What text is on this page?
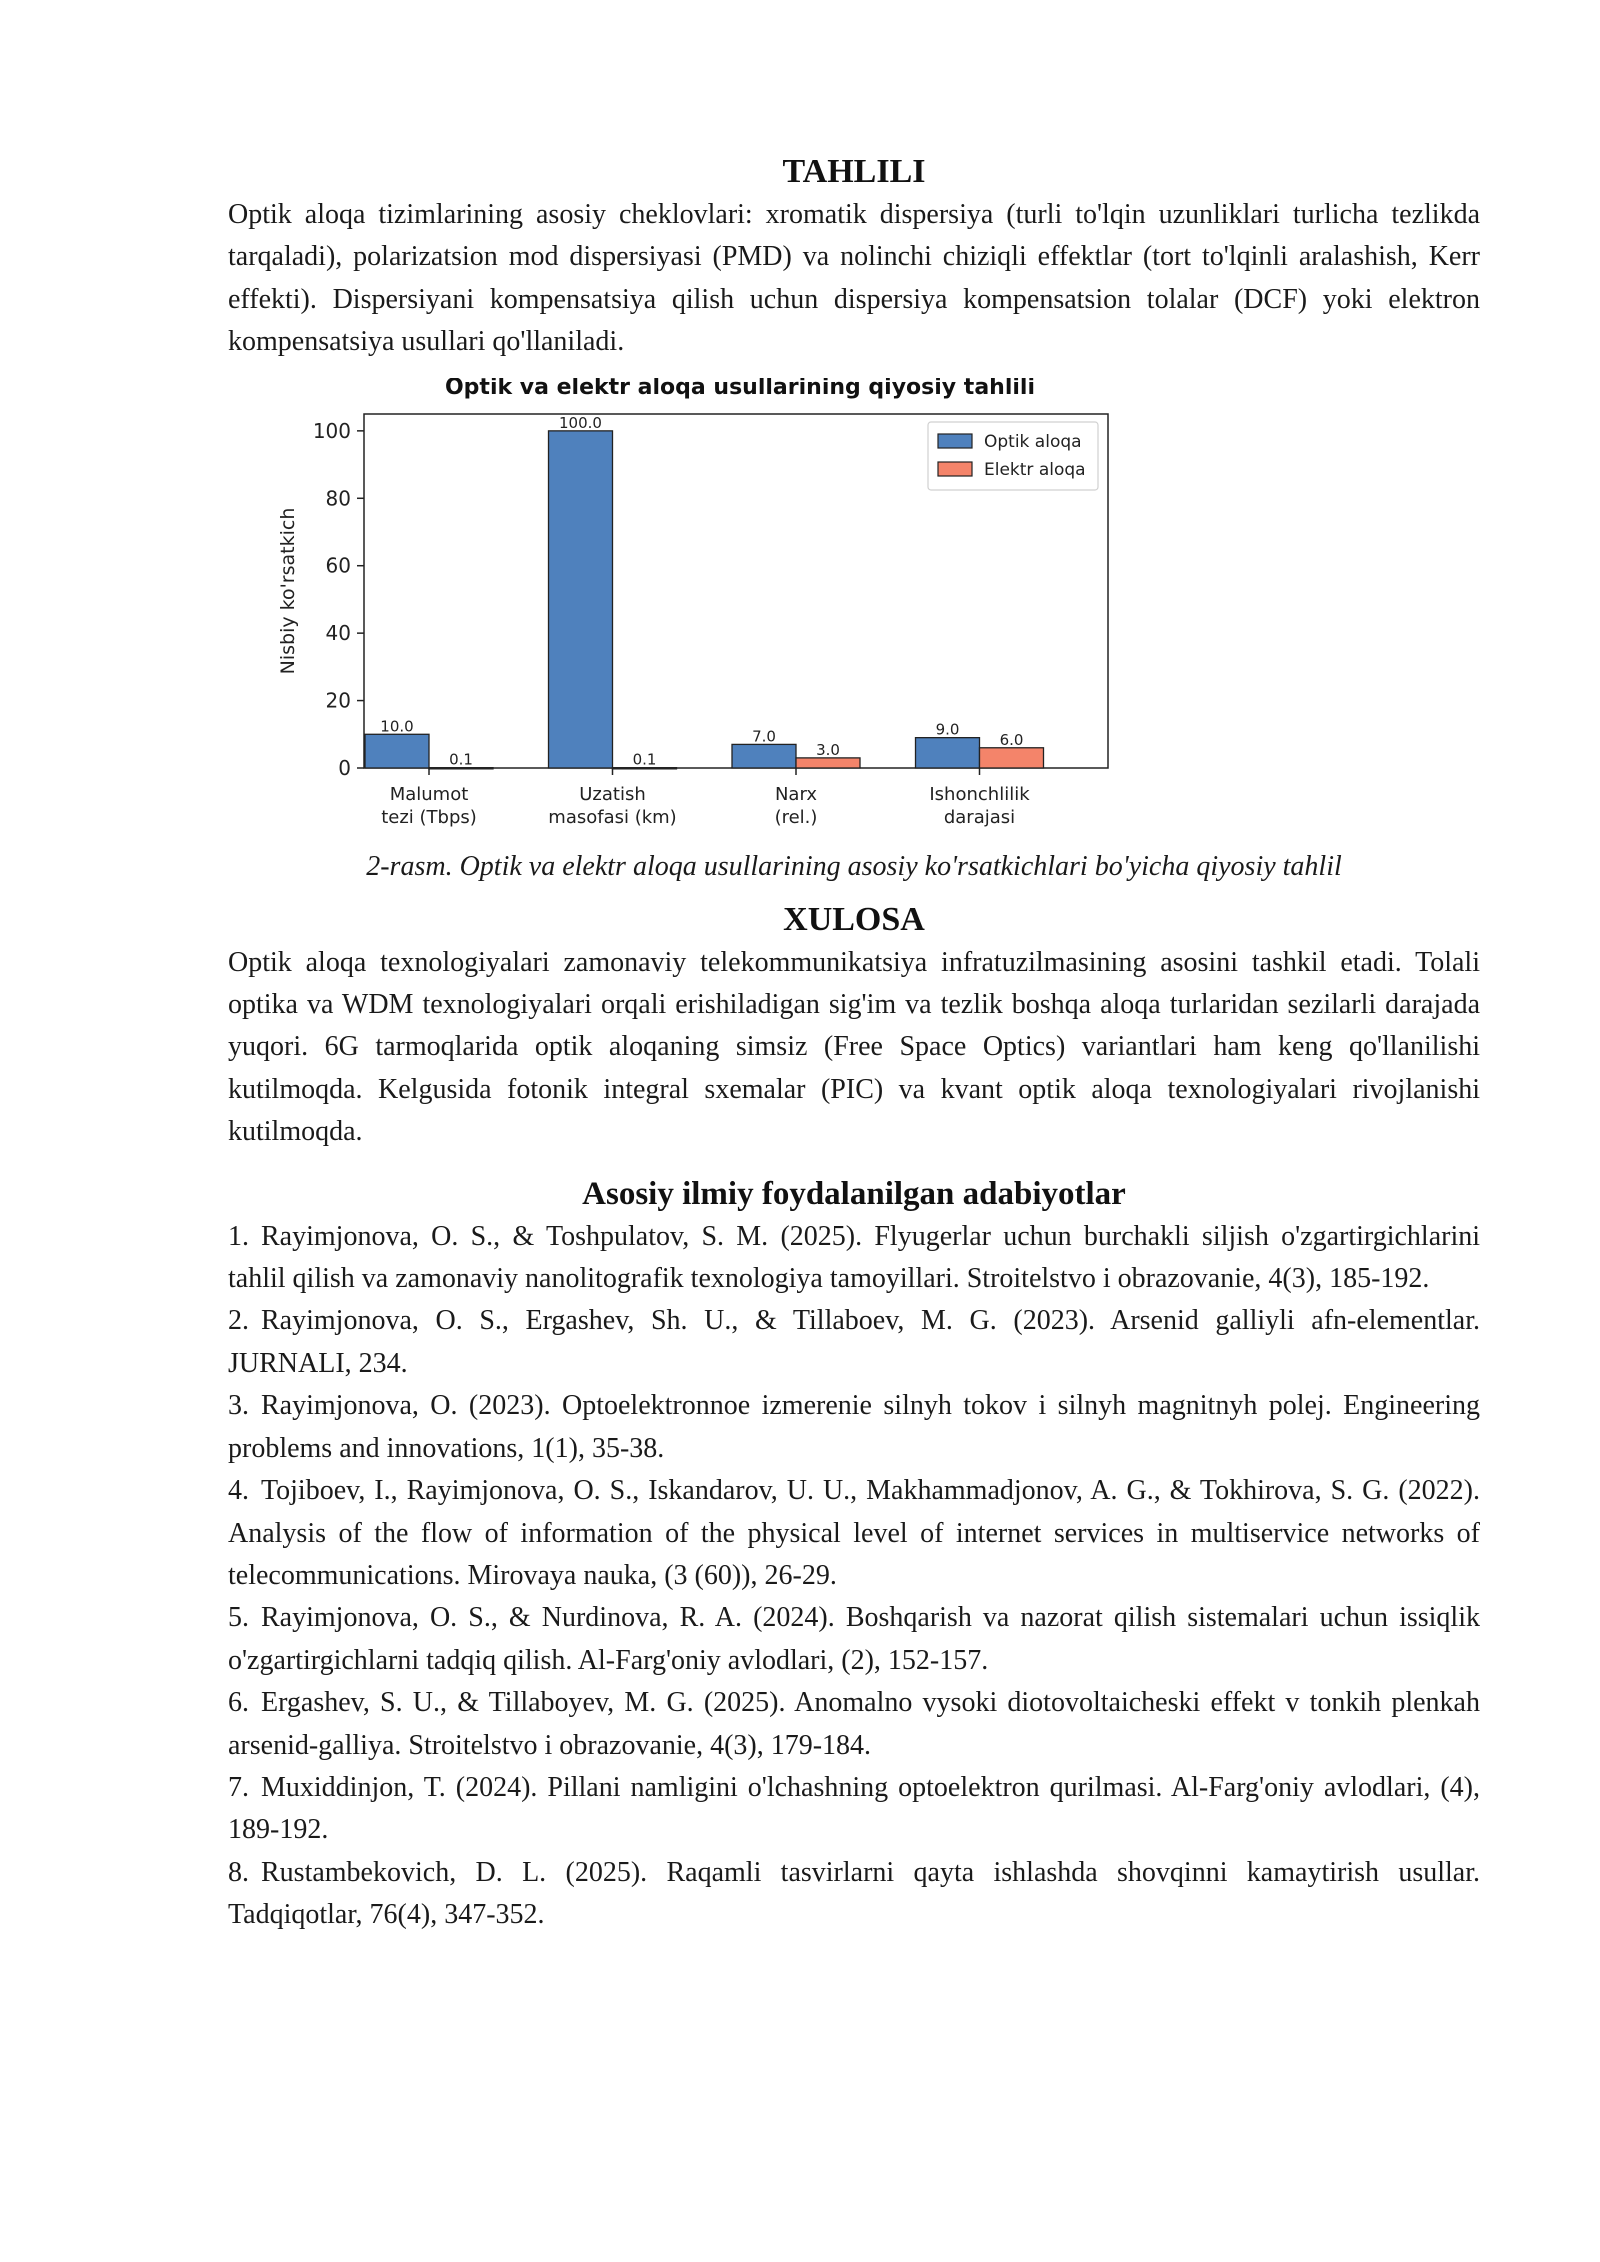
TAHLILI

Optik aloqa tizimlarining asosiy cheklovlari: xromatik dispersiya (turli to'lqin uzunliklari turlicha tezlikda tarqaladi), polarizatsion mod dispersiyasi (PMD) va nolinchi chiziqli effektlar (tort to'lqinli aralashish, Kerr effekti). Dispersiyani kompensatsiya qilish uchun dispersiya kompensatsion tolalar (DCF) yoki elektron kompensatsiya usullari qo'llaniladi.

Optik va elektr aloqa usullarining qiyosiy tahlili
0
20
40
60
80
100
Nisbiy ko'rsatkich
10.0
0.1
Malumot
tezi (Tbps)
100.0
0.1
Uzatish
masofasi (km)
7.0
3.0
Narx
(rel.)
9.0
6.0
Ishonchlilik
darajasi
Optik aloqa
Elektr aloqa
2-rasm. Optik va elektr aloqa usullarining asosiy ko'rsatkichlari bo'yicha qiyosiy tahlil
XULOSA

Optik aloqa texnologiyalari zamonaviy telekommunikatsiya infratuzilmasining asosini tashkil etadi. Tolali optika va WDM texnologiyalari orqali erishiladigan sig'im va tezlik boshqa aloqa turlaridan sezilarli darajada yuqori. 6G tarmoqlarida optik aloqaning simsiz (Free Space Optics) variantlari ham keng qo'llanilishi kutilmoqda. Kelgusida fotonik integral sxemalar (PIC) va kvant optik aloqa texnologiyalari rivojlanishi kutilmoqda.

Asosiy ilmiy foydalanilgan adabiyotlar
1. Rayimjonova, O. S., & Toshpulatov, S. M. (2025). Flyugerlar uchun burchakli siljish o'zgartirgichlarini tahlil qilish va zamonaviy nanolitografik texnologiya tamoyillari. Stroitelstvo i obrazovanie, 4(3), 185-192.
2. Rayimjonova, O. S., Ergashev, Sh. U., & Tillaboev, M. G. (2023). Arsenid galliyli afn-elementlar. JURNALI, 234.
3. Rayimjonova, O. (2023). Optoelektronnoe izmerenie silnyh tokov i silnyh magnitnyh polej. Engineering problems and innovations, 1(1), 35-38.
4. Tojiboev, I., Rayimjonova, O. S., Iskandarov, U. U., Makhammadjonov, A. G., & Tokhirova, S. G. (2022). Analysis of the flow of information of the physical level of internet services in multiservice networks of telecommunications. Mirovaya nauka, (3 (60)), 26-29.
5. Rayimjonova, O. S., & Nurdinova, R. A. (2024). Boshqarish va nazorat qilish sistemalari uchun issiqlik o'zgartirgichlarni tadqiq qilish. Al-Farg'oniy avlodlari, (2), 152-157.
6. Ergashev, S. U., & Tillaboyev, M. G. (2025). Anomalno vysoki diotovoltaicheski effekt v tonkih plenkah arsenid-galliya. Stroitelstvo i obrazovanie, 4(3), 179-184.
7. Muxiddinjon, T. (2024). Pillani namligini o'lchashning optoelektron qurilmasi. Al-Farg'oniy avlodlari, (4), 189-192.
8. Rustambekovich, D. L. (2025). Raqamli tasvirlarni qayta ishlashda shovqinni kamaytirish usullar. Tadqiqotlar, 76(4), 347-352.
